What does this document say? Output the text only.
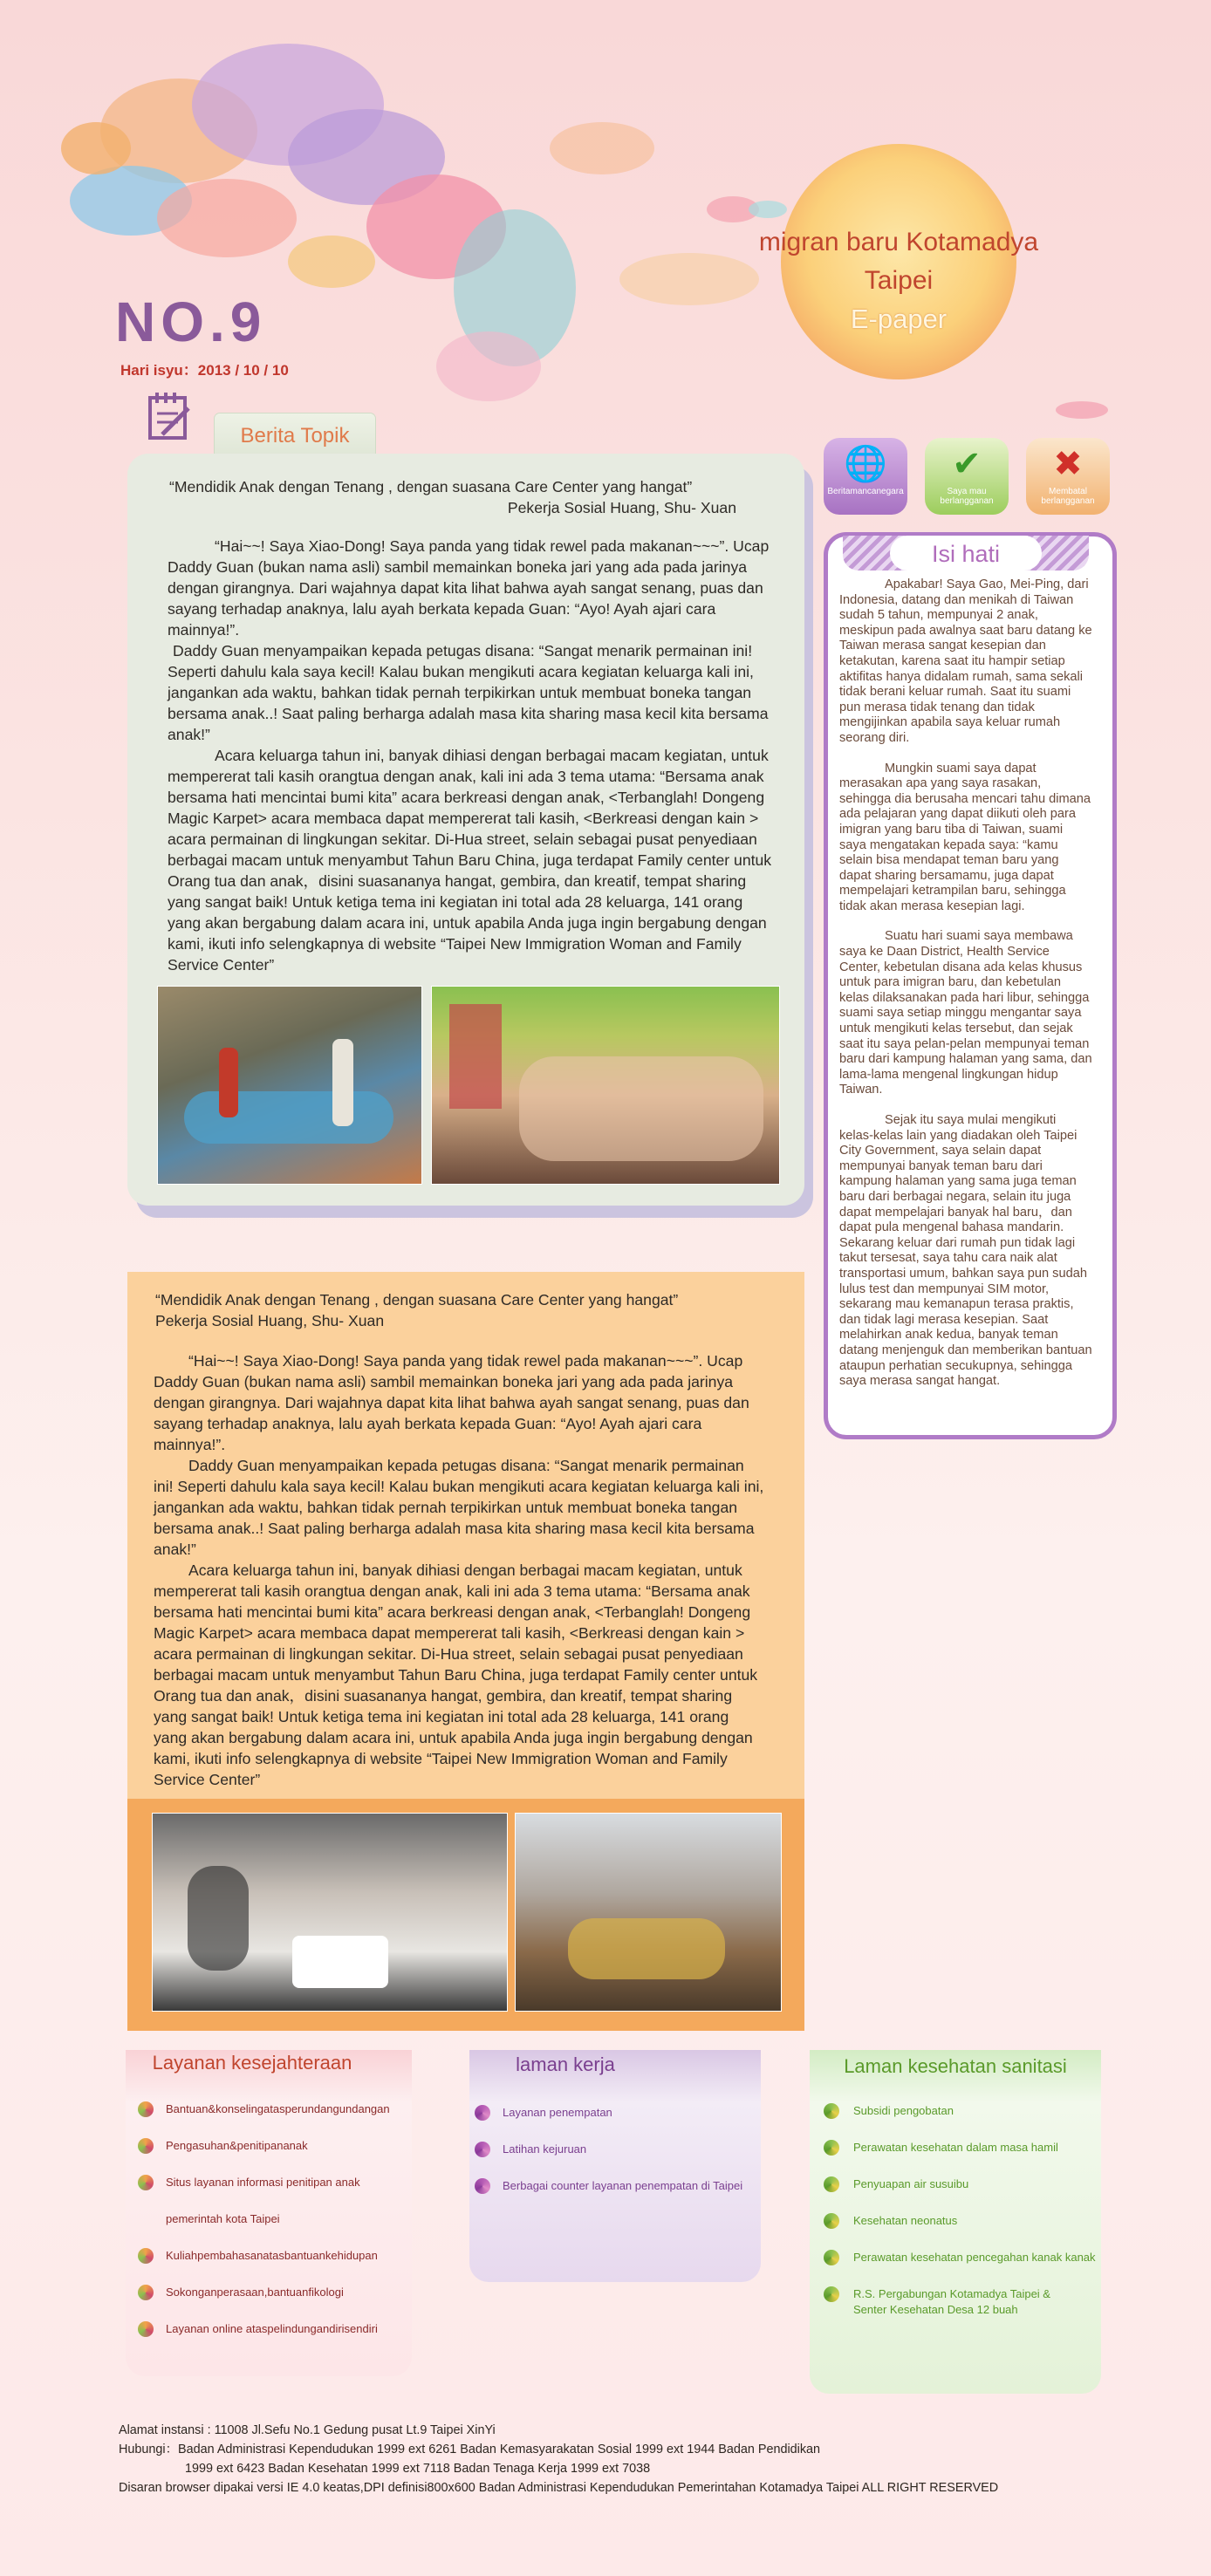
NO.9
Hari isyu：2013 / 10 / 10
migran baru Kotamadya
Taipei
E-paper
Berita Topik

“Mendidik Anak dengan Tenang , dengan suasana Care Center yang hangat”

Pekerja Sosial Huang, Shu- Xuan

“Hai~~! Saya Xiao-Dong! Saya panda yang tidak rewel pada makanan~~~”. Ucap Daddy Guan (bukan nama asli) sambil memainkan boneka jari yang ada pada jarinya dengan girangnya. Dari wajahnya dapat kita lihat bahwa ayah sangat senang, puas dan sayang terhadap anaknya, lalu ayah berkata kepada Guan: “Ayo! Ayah ajari cara mainnya!”.

Daddy Guan menyampaikan kepada petugas disana: “Sangat menarik permainan ini! Seperti dahulu kala saya kecil! Kalau bukan mengikuti acara kegiatan keluarga kali ini, jangankan ada waktu, bahkan tidak pernah terpikirkan untuk membuat boneka tangan bersama anak..! Saat paling berharga adalah masa kita sharing masa kecil kita bersama anak!”

Acara keluarga tahun ini, banyak dihiasi dengan berbagai macam kegiatan, untuk mempererat tali kasih orangtua dengan anak, kali ini ada 3 tema utama: “Bersama anak bersama hati mencintai bumi kita” acara berkreasi dengan anak, <Terbanglah! Dongeng Magic Karpet> acara membaca dapat mempererat tali kasih, <Berkreasi dengan kain > acara permainan di lingkungan sekitar. Di-Hua street, selain sebagai pusat penyediaan berbagai macam untuk menyambut Tahun Baru China, juga terdapat Family center untuk Orang tua dan anak，disini suasananya hangat, gembira, dan kreatif, tempat sharing yang sangat baik! Untuk ketiga tema ini kegiatan ini total ada 28 keluarga, 141 orang yang akan bergabung dalam acara ini, untuk apabila Anda juga ingin bergabung dengan kami, ikuti info selengkapnya di website “Taipei New Immigration Woman and Family Service Center”

“Mendidik Anak dengan Tenang , dengan suasana Care Center yang hangat”

Pekerja Sosial Huang, Shu- Xuan

“Hai~~! Saya Xiao-Dong! Saya panda yang tidak rewel pada makanan~~~”. Ucap Daddy Guan (bukan nama asli) sambil memainkan boneka jari yang ada pada jarinya dengan girangnya. Dari wajahnya dapat kita lihat bahwa ayah sangat senang, puas dan sayang terhadap anaknya, lalu ayah berkata kepada Guan: “Ayo! Ayah ajari cara mainnya!”.

Daddy Guan menyampaikan kepada petugas disana: “Sangat menarik permainan ini! Seperti dahulu kala saya kecil! Kalau bukan mengikuti acara kegiatan keluarga kali ini, jangankan ada waktu, bahkan tidak pernah terpikirkan untuk membuat boneka tangan bersama anak..! Saat paling berharga adalah masa kita sharing masa kecil kita bersama anak!”

Acara keluarga tahun ini, banyak dihiasi dengan berbagai macam kegiatan, untuk mempererat tali kasih orangtua dengan anak, kali ini ada 3 tema utama: “Bersama anak bersama hati mencintai bumi kita” acara berkreasi dengan anak, <Terbanglah! Dongeng Magic Karpet> acara membaca dapat mempererat tali kasih, <Berkreasi dengan kain > acara permainan di lingkungan sekitar. Di-Hua street, selain sebagai pusat penyediaan berbagai macam untuk menyambut Tahun Baru China, juga terdapat Family center untuk Orang tua dan anak，disini suasananya hangat, gembira, dan kreatif, tempat sharing yang sangat baik! Untuk ketiga tema ini kegiatan ini total ada 28 keluarga, 141 orang yang akan bergabung dalam acara ini, untuk apabila Anda juga ingin bergabung dengan kami, ikuti info selengkapnya di website “Taipei New Immigration Woman and Family Service Center”

🌐
Beritamancanegara
✔
Saya mau berlangganan
✖
Membatal berlangganan
Isi hati

Apakabar! Saya Gao, Mei-Ping, dari Indonesia, datang dan menikah di Taiwan sudah 5 tahun, mempunyai 2 anak, meskipun pada awalnya saat baru datang ke Taiwan merasa sangat kesepian dan ketakutan, karena saat itu hampir setiap aktifitas hanya didalam rumah, sama sekali tidak berani keluar rumah. Saat itu suami pun merasa tidak tenang dan tidak mengijinkan apabila saya keluar rumah seorang diri.

Mungkin suami saya dapat merasakan apa yang saya rasakan, sehingga dia berusaha mencari tahu dimana ada pelajaran yang dapat diikuti oleh para imigran yang baru tiba di Taiwan, suami saya mengatakan kepada saya: “kamu selain bisa mendapat teman baru yang dapat sharing bersamamu, juga dapat mempelajari ketrampilan baru, sehingga tidak akan merasa kesepian lagi.

Suatu hari suami saya membawa saya ke Daan District, Health Service Center, kebetulan disana ada kelas khusus untuk para imigran baru, dan kebetulan kelas dilaksanakan pada hari libur, sehingga suami saya setiap minggu mengantar saya untuk mengikuti kelas tersebut, dan sejak saat itu saya pelan-pelan mempunyai teman baru dari kampung halaman yang sama, dan lama-lama mengenal lingkungan hidup Taiwan.

Sejak itu saya mulai mengikuti kelas-kelas lain yang diadakan oleh Taipei City Government, saya selain dapat mempunyai banyak teman baru dari kampung halaman yang sama juga teman baru dari berbagai negara, selain itu juga dapat mempelajari banyak hal baru，dan dapat pula mengenal bahasa mandarin. Sekarang keluar dari rumah pun tidak lagi takut tersesat, saya tahu cara naik alat transportasi umum, bahkan saya pun sudah lulus test dan mempunyai SIM motor, sekarang mau kemanapun terasa praktis, dan tidak lagi merasa kesepian. Saat melahirkan anak kedua, banyak teman datang menjenguk dan memberikan bantuan ataupun perhatian secukupnya, sehingga saya merasa sangat hangat.

Layanan kesejahteraan
Bantuan&konselingatasperundangundangan
Pengasuhan&penitipananak
Situs layanan informasi penitipan anak
pemerintah kota Taipei
Kuliahpembahasanatasbantuankehidupan
Sokonganperasaan,bantuanfikologi
Layanan online ataspelindungandirisendiri
laman kerja
Layanan penempatan
Latihan kejuruan
Berbagai counter layanan penempatan di Taipei
Laman kesehatan sanitasi
Subsidi pengobatan
Perawatan kesehatan dalam masa hamil
Penyuapan air susuibu
Kesehatan neonatus
Perawatan kesehatan pencegahan kanak kanak
R.S. Pergabungan Kotamadya Taipei &
Senter Kesehatan Desa 12 buah
Alamat instansi : 11008 Jl.Sefu No.1 Gedung pusat Lt.9 Taipei XinYi
Hubungi：Badan Administrasi Kependudukan 1999 ext 6261 Badan Kemasyarakatan Sosial 1999 ext 1944 Badan Pendidikan
1999 ext 6423 Badan Kesehatan 1999 ext 7118 Badan Tenaga Kerja 1999 ext 7038
Disaran browser dipakai versi IE 4.0 keatas,DPI definisi800x600 Badan Administrasi Kependudukan Pemerintahan Kotamadya Taipei ALL RIGHT RESERVED
